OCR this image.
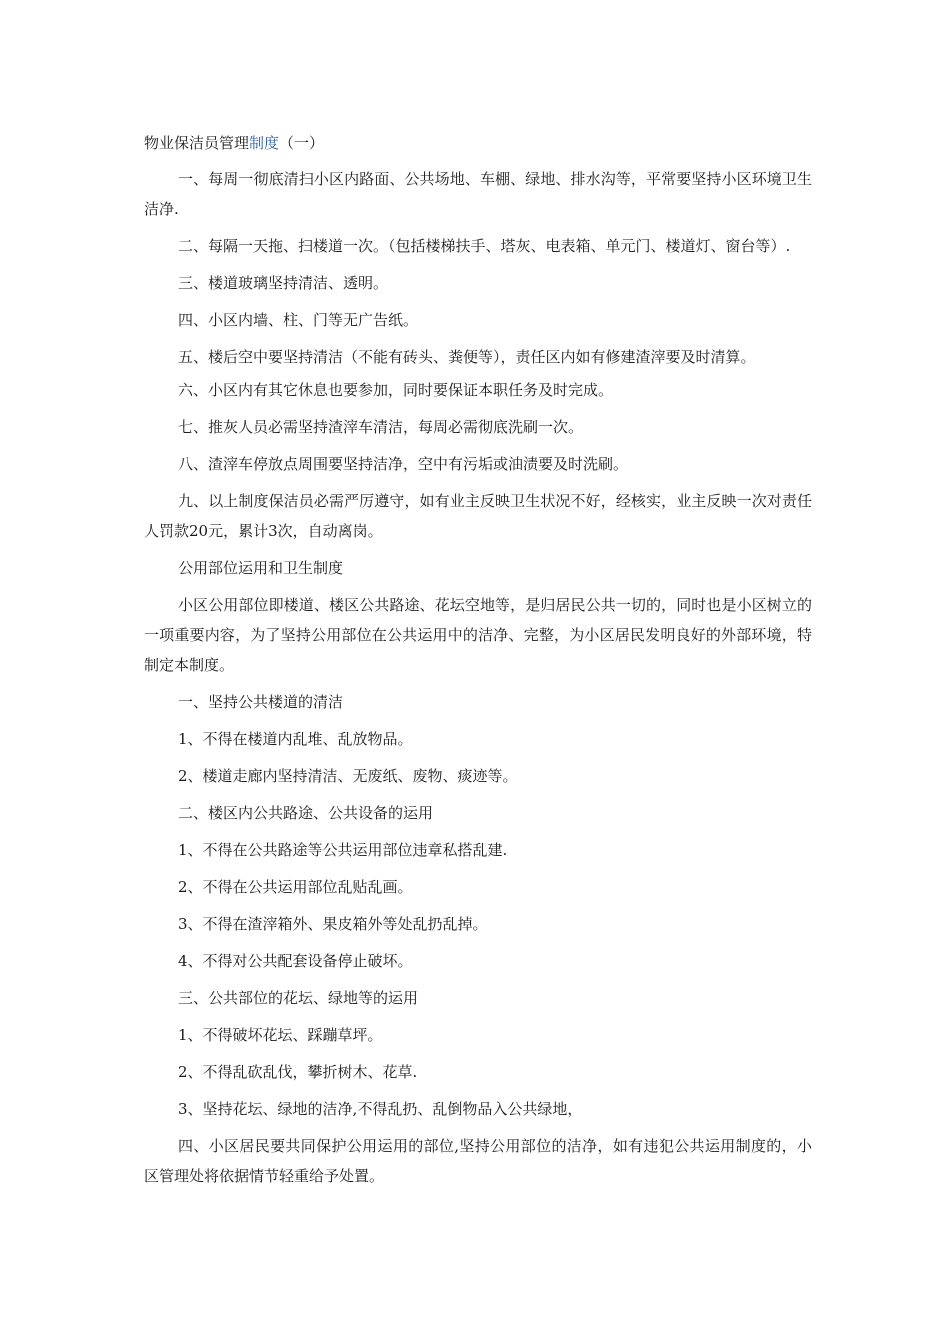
物业保洁员管理制度（一）

一、每周一彻底清扫小区内路面、公共场地、车棚、绿地、排水沟等，平常要坚持小区环境卫生洁净.

二、每隔一天拖、扫楼道一次。（包括楼梯扶手、塔灰、电表箱、单元门、楼道灯、窗台等）.

三、楼道玻璃坚持清洁、透明。

四、小区内墙、柱、门等无广告纸。

五、楼后空中要坚持清洁（不能有砖头、粪便等），责任区内如有修建渣滓要及时清算。

六、小区内有其它休息也要参加，同时要保证本职任务及时完成。

七、推灰人员必需坚持渣滓车清洁，每周必需彻底洗刷一次。

八、渣滓车停放点周围要坚持洁净，空中有污垢或油渍要及时洗刷。

九、以上制度保洁员必需严厉遵守，如有业主反映卫生状况不好，经核实，业主反映一次对责任人罚款20元，累计3次，自动离岗。

公用部位运用和卫生制度

小区公用部位即楼道、楼区公共路途、花坛空地等，是归居民公共一切的，同时也是小区树立的一项重要内容，为了坚持公用部位在公共运用中的洁净、完整，为小区居民发明良好的外部环境，特制定本制度。

一、坚持公共楼道的清洁

1、不得在楼道内乱堆、乱放物品。

2、楼道走廊内坚持清洁、无废纸、废物、痰迹等。

二、楼区内公共路途、公共设备的运用

1、不得在公共路途等公共运用部位违章私搭乱建.

2、不得在公共运用部位乱贴乱画。

3、不得在渣滓箱外、果皮箱外等处乱扔乱掉。

4、不得对公共配套设备停止破坏。

三、公共部位的花坛、绿地等的运用

1、不得破坏花坛、踩蹦草坪。

2、不得乱砍乱伐，攀折树木、花草.

3、坚持花坛、绿地的洁净,不得乱扔、乱倒物品入公共绿地，

四、小区居民要共同保护公用运用的部位,坚持公用部位的洁净，如有违犯公共运用制度的，小区管理处将依据情节轻重给予处置。
